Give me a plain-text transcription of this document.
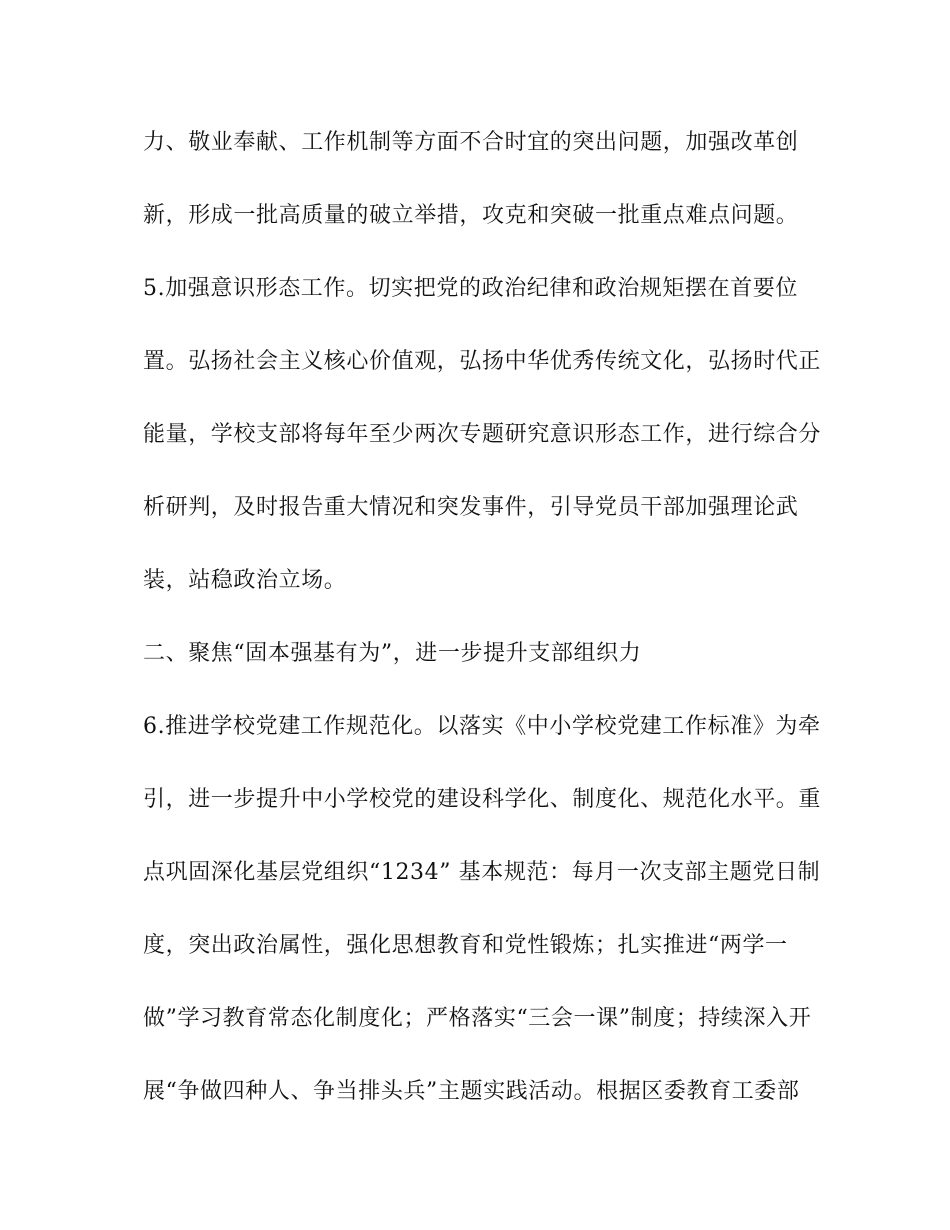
力、敬业奉献、工作机制等方面不合时宜的突出问题，加强改革创
新，形成一批高质量的破立举措，攻克和突破一批重点难点问题。
5.加强意识形态工作。切实把党的政治纪律和政治规矩摆在首要位
置。弘扬社会主义核心价值观，弘扬中华优秀传统文化，弘扬时代正
能量，学校支部将每年至少两次专题研究意识形态工作，进行综合分
析研判，及时报告重大情况和突发事件，引导党员干部加强理论武
装，站稳政治立场。
二、聚焦“固本强基有为”，进一步提升支部组织力
6.推进学校党建工作规范化。以落实《中小学校党建工作标准》为牵
引，进一步提升中小学校党的建设科学化、制度化、规范化水平。重
点巩固深化基层党组织“1234” 基本规范：每月一次支部主题党日制
度，突出政治属性，强化思想教育和党性锻炼；扎实推进“两学一
做”学习教育常态化制度化；严格落实“三会一课”制度；持续深入开
展“争做四种人、争当排头兵”主题实践活动。根据区委教育工委部
